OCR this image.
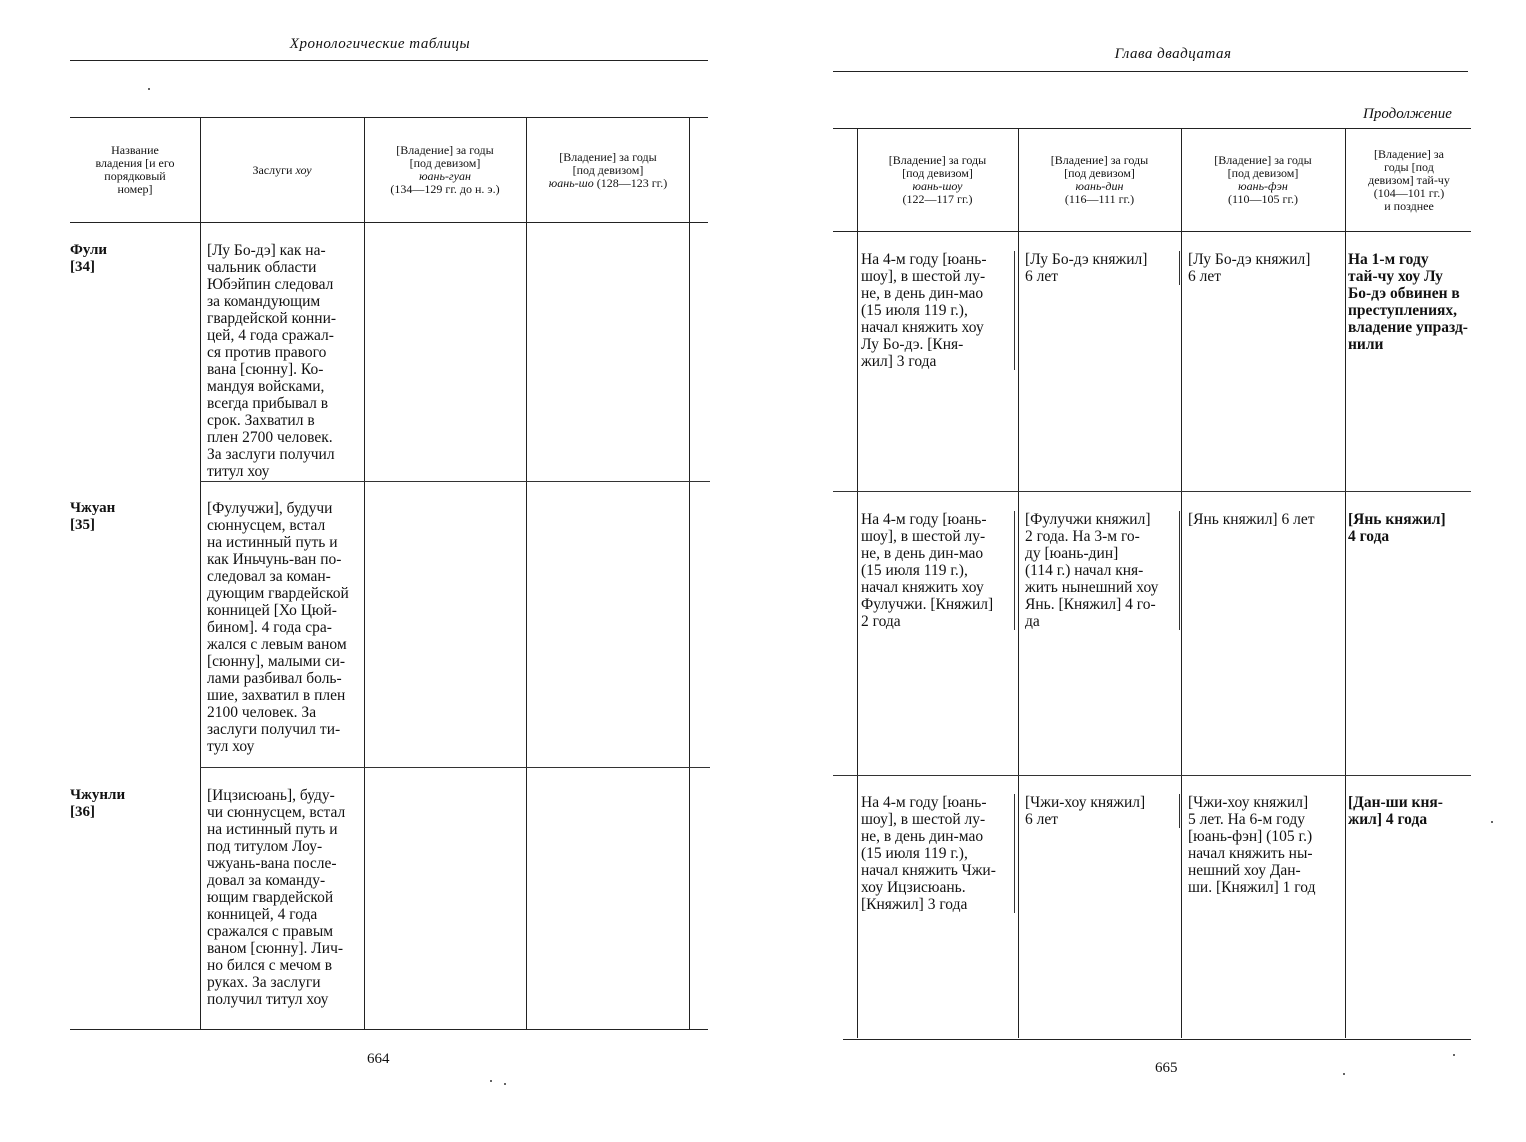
Хронологические таблицы
Название
владения [и его
порядковый
номер]
Заслуги хоу
[Владение] за годы
[под девизом]
юань-гуан
(134—129 гг. до н. э.)
[Владение] за годы
[под девизом]
юань-шо (128—123 гг.)
Фули
[34]
[Лу Бо-дэ] как на-
чальник области
Юбэйпин следовал
за командующим
гвардейской конни-
цей, 4 года сражал-
ся против правого
вана [сюнну]. Ко-
мандуя войсками,
всегда прибывал в
срок. Захватил в
плен 2700 человек.
За заслуги получил
титул хоу
Чжуан
[35]
[Фулучжи], будучи
сюннусцем, встал
на истинный путь и
как Иньчунь-ван по-
следовал за коман-
дующим гвардейской
конницей [Хо Цюй-
бином]. 4 года сра-
жался с левым ваном
[сюнну], малыми си-
лами разбивал боль-
шие, захватил в плен
2100 человек. За
заслуги получил ти-
тул хоу
Чжунли
[36]
[Ицзисюань], буду-
чи сюннусцем, встал
на истинный путь и
под титулом Лоу-
чжуань-вана после-
довал за команду-
ющим гвардейской
конницей, 4 года
сражался с правым
ваном [сюнну]. Лич-
но бился с мечом в
руках. За заслуги
получил титул хоу
664
Глава двадцатая
Продолжение
[Владение] за годы
[под девизом]
юань-шоу
(122—117 гг.)
[Владение] за годы
[под девизом]
юань-дин
(116—111 гг.)
[Владение] за годы
[под девизом]
юань-фэн
(110—105 гг.)
[Владение] за
годы [под
девизом] тай-чу
(104—101 гг.)
и позднее
На 4-м году [юань-
шоу], в шестой лу-
не, в день дин-мао
(15 июля 119 г.),
начал княжить хоу
Лу Бо-дэ. [Кня-
жил] 3 года
[Лу Бо-дэ княжил]
6 лет
[Лу Бо-дэ княжил]
6 лет
На 1-м году
тай-чу хоу Лу
Бо-дэ обвинен в
преступлениях,
владение упразд-
нили
На 4-м году [юань-
шоу], в шестой лу-
не, в день дин-мао
(15 июля 119 г.),
начал княжить хоу
Фулучжи. [Княжил]
2 года
[Фулучжи княжил]
2 года. На 3-м го-
ду [юань-дин]
(114 г.) начал кня-
жить нынешний хоу
Янь. [Княжил] 4 го-
да
[Янь княжил] 6 лет	[Янь княжил]
4 года
На 4-м году [юань-
шоу], в шестой лу-
не, в день дин-мао
(15 июля 119 г.),
начал княжить Чжи-
хоу Ицзисюань.
[Княжил] 3 года
[Чжи-хоу княжил]
6 лет
[Чжи-хоу княжил]
5 лет. На 6-м году
[юань-фэн] (105 г.)
начал княжить ны-
нешний хоу Дан-
ши. [Княжил] 1 год
[Дан-ши кня-
жил] 4 года
665
